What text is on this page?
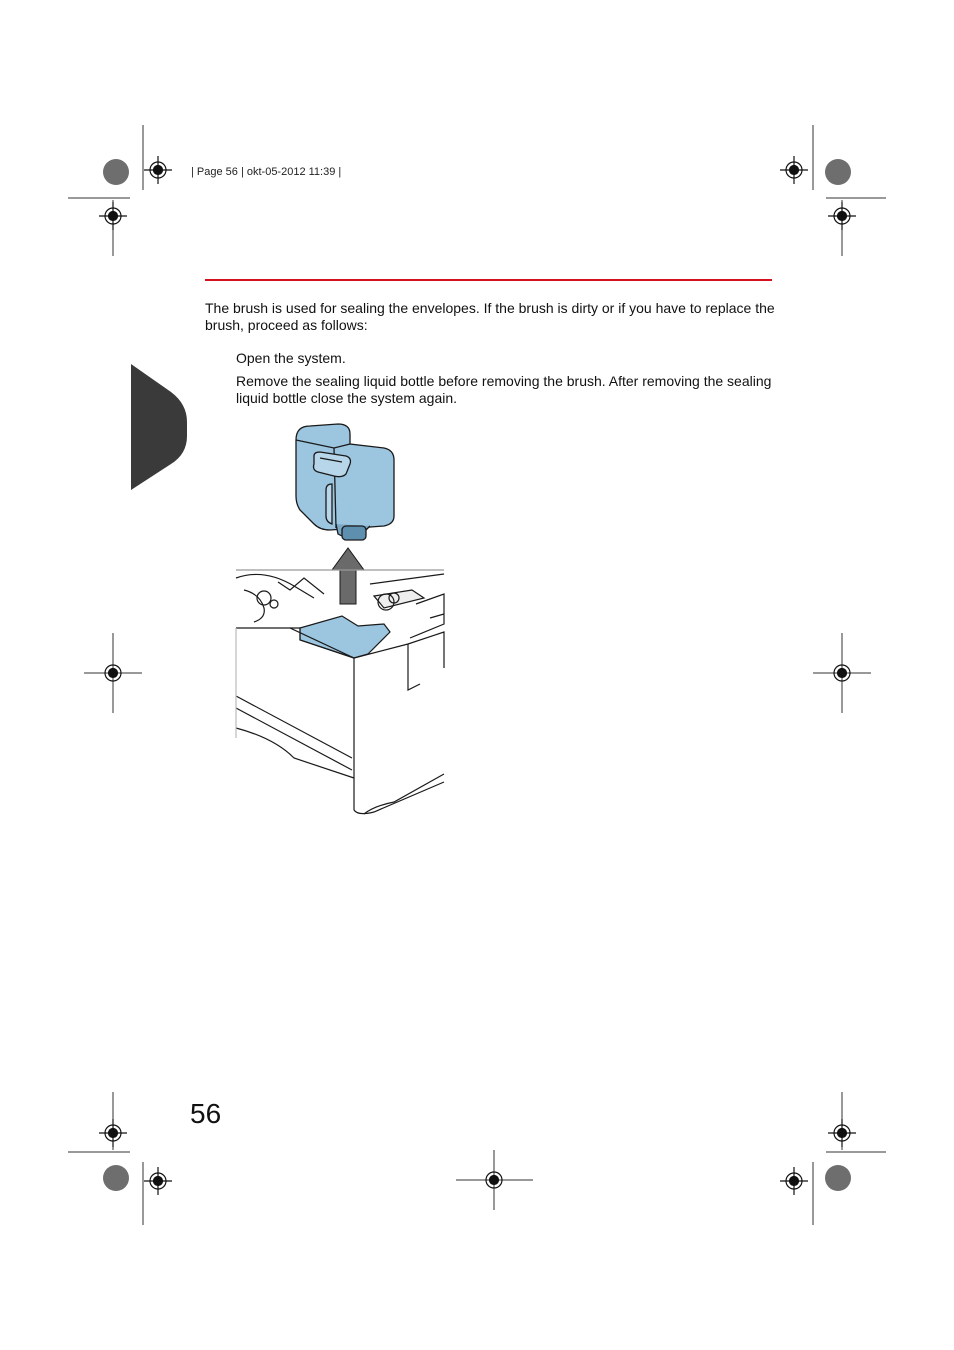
| Page 56 | okt-05-2012 11:39 |
The brush is used for sealing the envelopes. If the brush is dirty or if you have to replace the brush, proceed as follows:
Open the system.
Remove the sealing liquid bottle before removing the brush. After removing the sealing liquid bottle close the system again.
56
